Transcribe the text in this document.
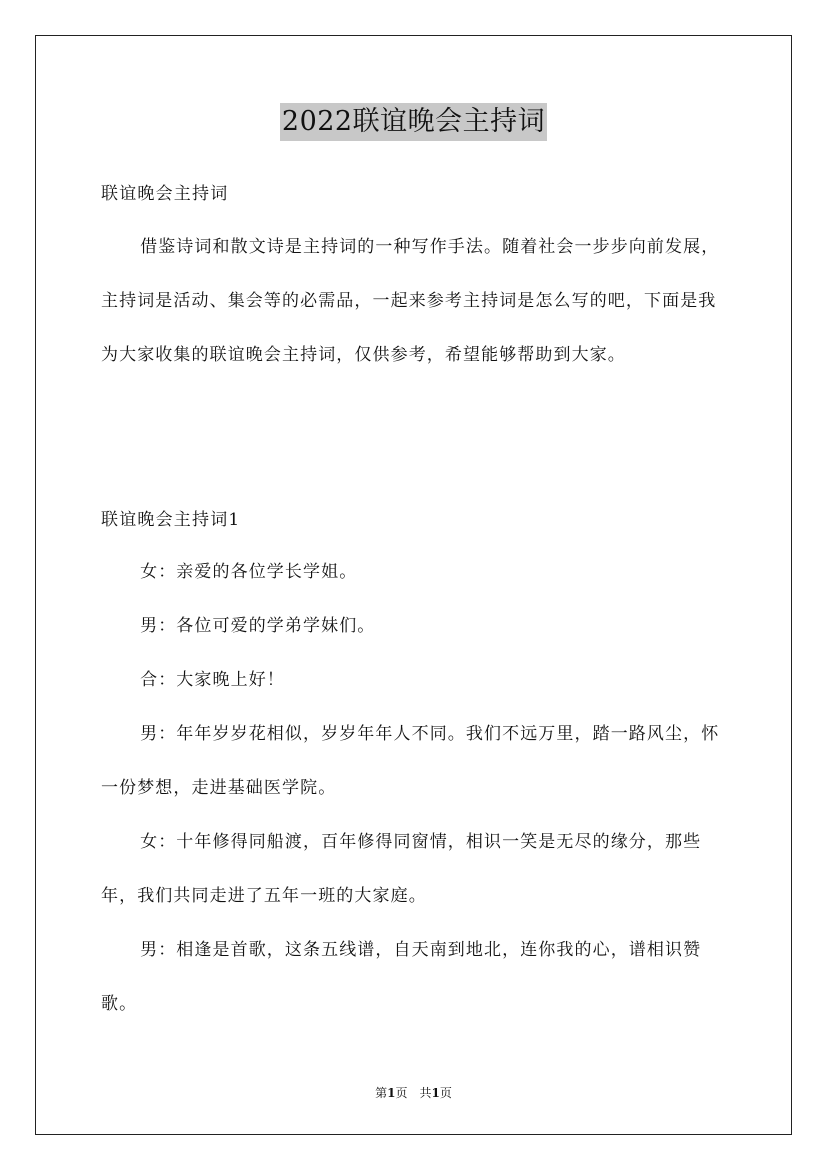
2022联谊晚会主持词
联谊晚会主持词

借鉴诗词和散文诗是主持词的一种写作手法。随着社会一步步向前发展，主持词是活动、集会等的必需品，一起来参考主持词是怎么写的吧，下面是我为大家收集的联谊晚会主持词，仅供参考，希望能够帮助到大家。

联谊晚会主持词1

女：亲爱的各位学长学姐。

男：各位可爱的学弟学妹们。

合：大家晚上好！

男：年年岁岁花相似，岁岁年年人不同。我们不远万里，踏一路风尘，怀一份梦想，走进基础医学院。

女：十年修得同船渡，百年修得同窗情，相识一笑是无尽的缘分，那些年，我们共同走进了五年一班的大家庭。

男：相逢是首歌，这条五线谱，自天南到地北，连你我的心，谱相识赞歌。

第1页　共1页
